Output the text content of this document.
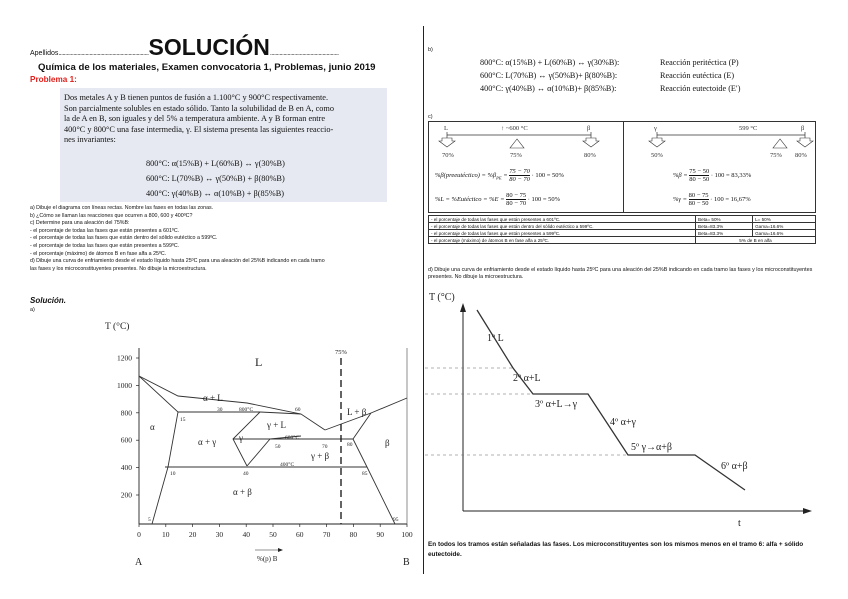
Apellidos...................................................................SOLUCIÓN...................................................
Química de los materiales, Examen convocatoria 1, Problemas, junio 2019
Problema 1:
Dos metales A y B tienen puntos de fusión a 1.100°C y 900°C respectivamente.
Son parcialmente solubles en estado sólido. Tanto la solubilidad de B en A, como
la de A en B, son iguales y del 5% a temperatura ambiente. A y B forman entre
400°C y 800°C una fase intermedia, γ. El sistema presenta las siguientes reaccio-
nes invariantes:
800°C: α(15%B) + L(60%B) ↔ γ(30%B)
600°C: L(70%B) ↔ γ(50%B) + β(80%B)
400°C: γ(40%B) ↔ α(10%B) + β(85%B)
a) Dibuje el diagrama con líneas rectas. Nombre las fases en todas las zonas.
b) ¿Cómo se llaman las reacciones que ocurren a 800, 600 y 400ºC?
c) Determine para una aleación del 75%B:
- el porcentaje de todas las fases que están presentes a 601ºC.
- el porcentaje de todas las fases que están dentro del sólido eutéctico a 599ºC.
- el porcentaje de todas las fases que están presentes a 599ºC.
- el porcentaje (máximo) de átomos B en fase alfa a 25ºC.
d) Dibuje una curva de enfriamiento desde el estado líquido hasta 25ºC para una aleación del 25%B indicando en cada tramo
las fases y los microconstituyentes presentes. No dibuje la microestructura.
Solución.
a)
T (°C)
1200
1000
800
600
400
200
0	10	20	30	40	50	60	70	80	90 100
75%
L
α + L
α
α + γ	γ
γ + L
L + β
γ + β
β
α + β
800°C
600°C
400°C
15
30	60
50	70	80
10	40	85
5	95
A	B
%(p) B
b)
800°C: α(15%B) + L(60%B) ↔ γ(30%B):	Reacción peritéctica (P)
600°C: L(70%B) ↔ γ(50%B)+ β(80%B):	Reacción eutéctica (E)
400°C: γ(40%B) ↔ α(10%B)+ β(85%B):	Reacción eutectoide (E′)
c)
L	↑ ~600 °C	β
70%	75%	80%
%β(preeutéctico) = $\%\beta_{PE} = \frac{75 - 70}{80 - 70} \cdot 100 = 50\%$
%L = %Eutéctico = $\%E = \frac{80 - 75}{80 - 70} \cdot 100 = 50\%$
γ	599 °C	β
50%	75% 80%
$\%\beta = \frac{75 - 50}{80 - 50} \cdot 100 = 83,33\%$
$\%\gamma = \frac{80 - 75}{80 - 50} \cdot 100 = 16,67\%$
- el porcentaje de todas las fases que están presentes a 601ºC.	Beta= 50%	L= 50%
- el porcentaje de todas las fases que están dentro del sólido eutéctico a 599ºC.	Beta=83.3%	Gama=16.6%
- el porcentaje de todas las fases que están presentes a 599ºC.	Beta=83.3%	Gama=16.6%
- el porcentaje (máximo) de átomos B en fase alfa a 25ºC.	5% de B en alfa	
d) Dibuje una curva de enfriamiento desde el estado líquido hasta 25ºC para una aleación del 25%B indicando en cada tramo las fases y los microconstituyentes presentes. No dibuje la microestructura.
T (°C)
t
1º L
2º α+L
3º α+L→γ
4º α+γ
5º γ→α+β
6º α+β
En todos los tramos están señaladas las fases. Los microconstituyentes son los mismos menos en el tramo 6: alfa + sólido eutectoide.
